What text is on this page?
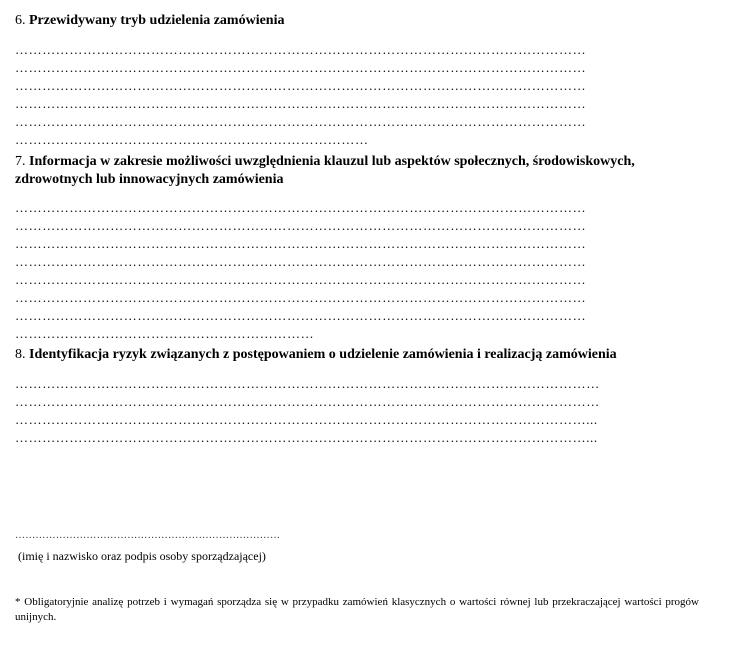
6. Przewidywany tryb udzielenia zamówienia
………………………………………………………………………………………………………………
………………………………………………………………………………………………………………
………………………………………………………………………………………………………………
………………………………………………………………………………………………………………
………………………………………………………………………………………………………………
……………………………………………………………………
7. Informacja w zakresie możliwości uwzględnienia klauzul lub aspektów społecznych, środowiskowych,
zdrowotnych lub innowacyjnych zamówienia
………………………………………………………………………………………………………………
………………………………………………………………………………………………………………
………………………………………………………………………………………………………………
………………………………………………………………………………………………………………
………………………………………………………………………………………………………………
………………………………………………………………………………………………………………
………………………………………………………………………………………………………………
…………………………………………………………
8. Identyfikacja ryzyk związanych z postępowaniem o udzielenie zamówienia i realizacją zamówienia
…………………………………………………………………………………………………………………
…………………………………………………………………………………………………………………
………………………………………………………………………………………………………………...
………………………………………………………………………………………………………………...
……………………………………………………………………
(imię i nazwisko oraz podpis osoby sporządzającej)
* Obligatoryjnie analizę potrzeb i wymagań sporządza się w przypadku zamówień klasycznych o wartości równej lub przekraczającej wartości progów unijnych.
